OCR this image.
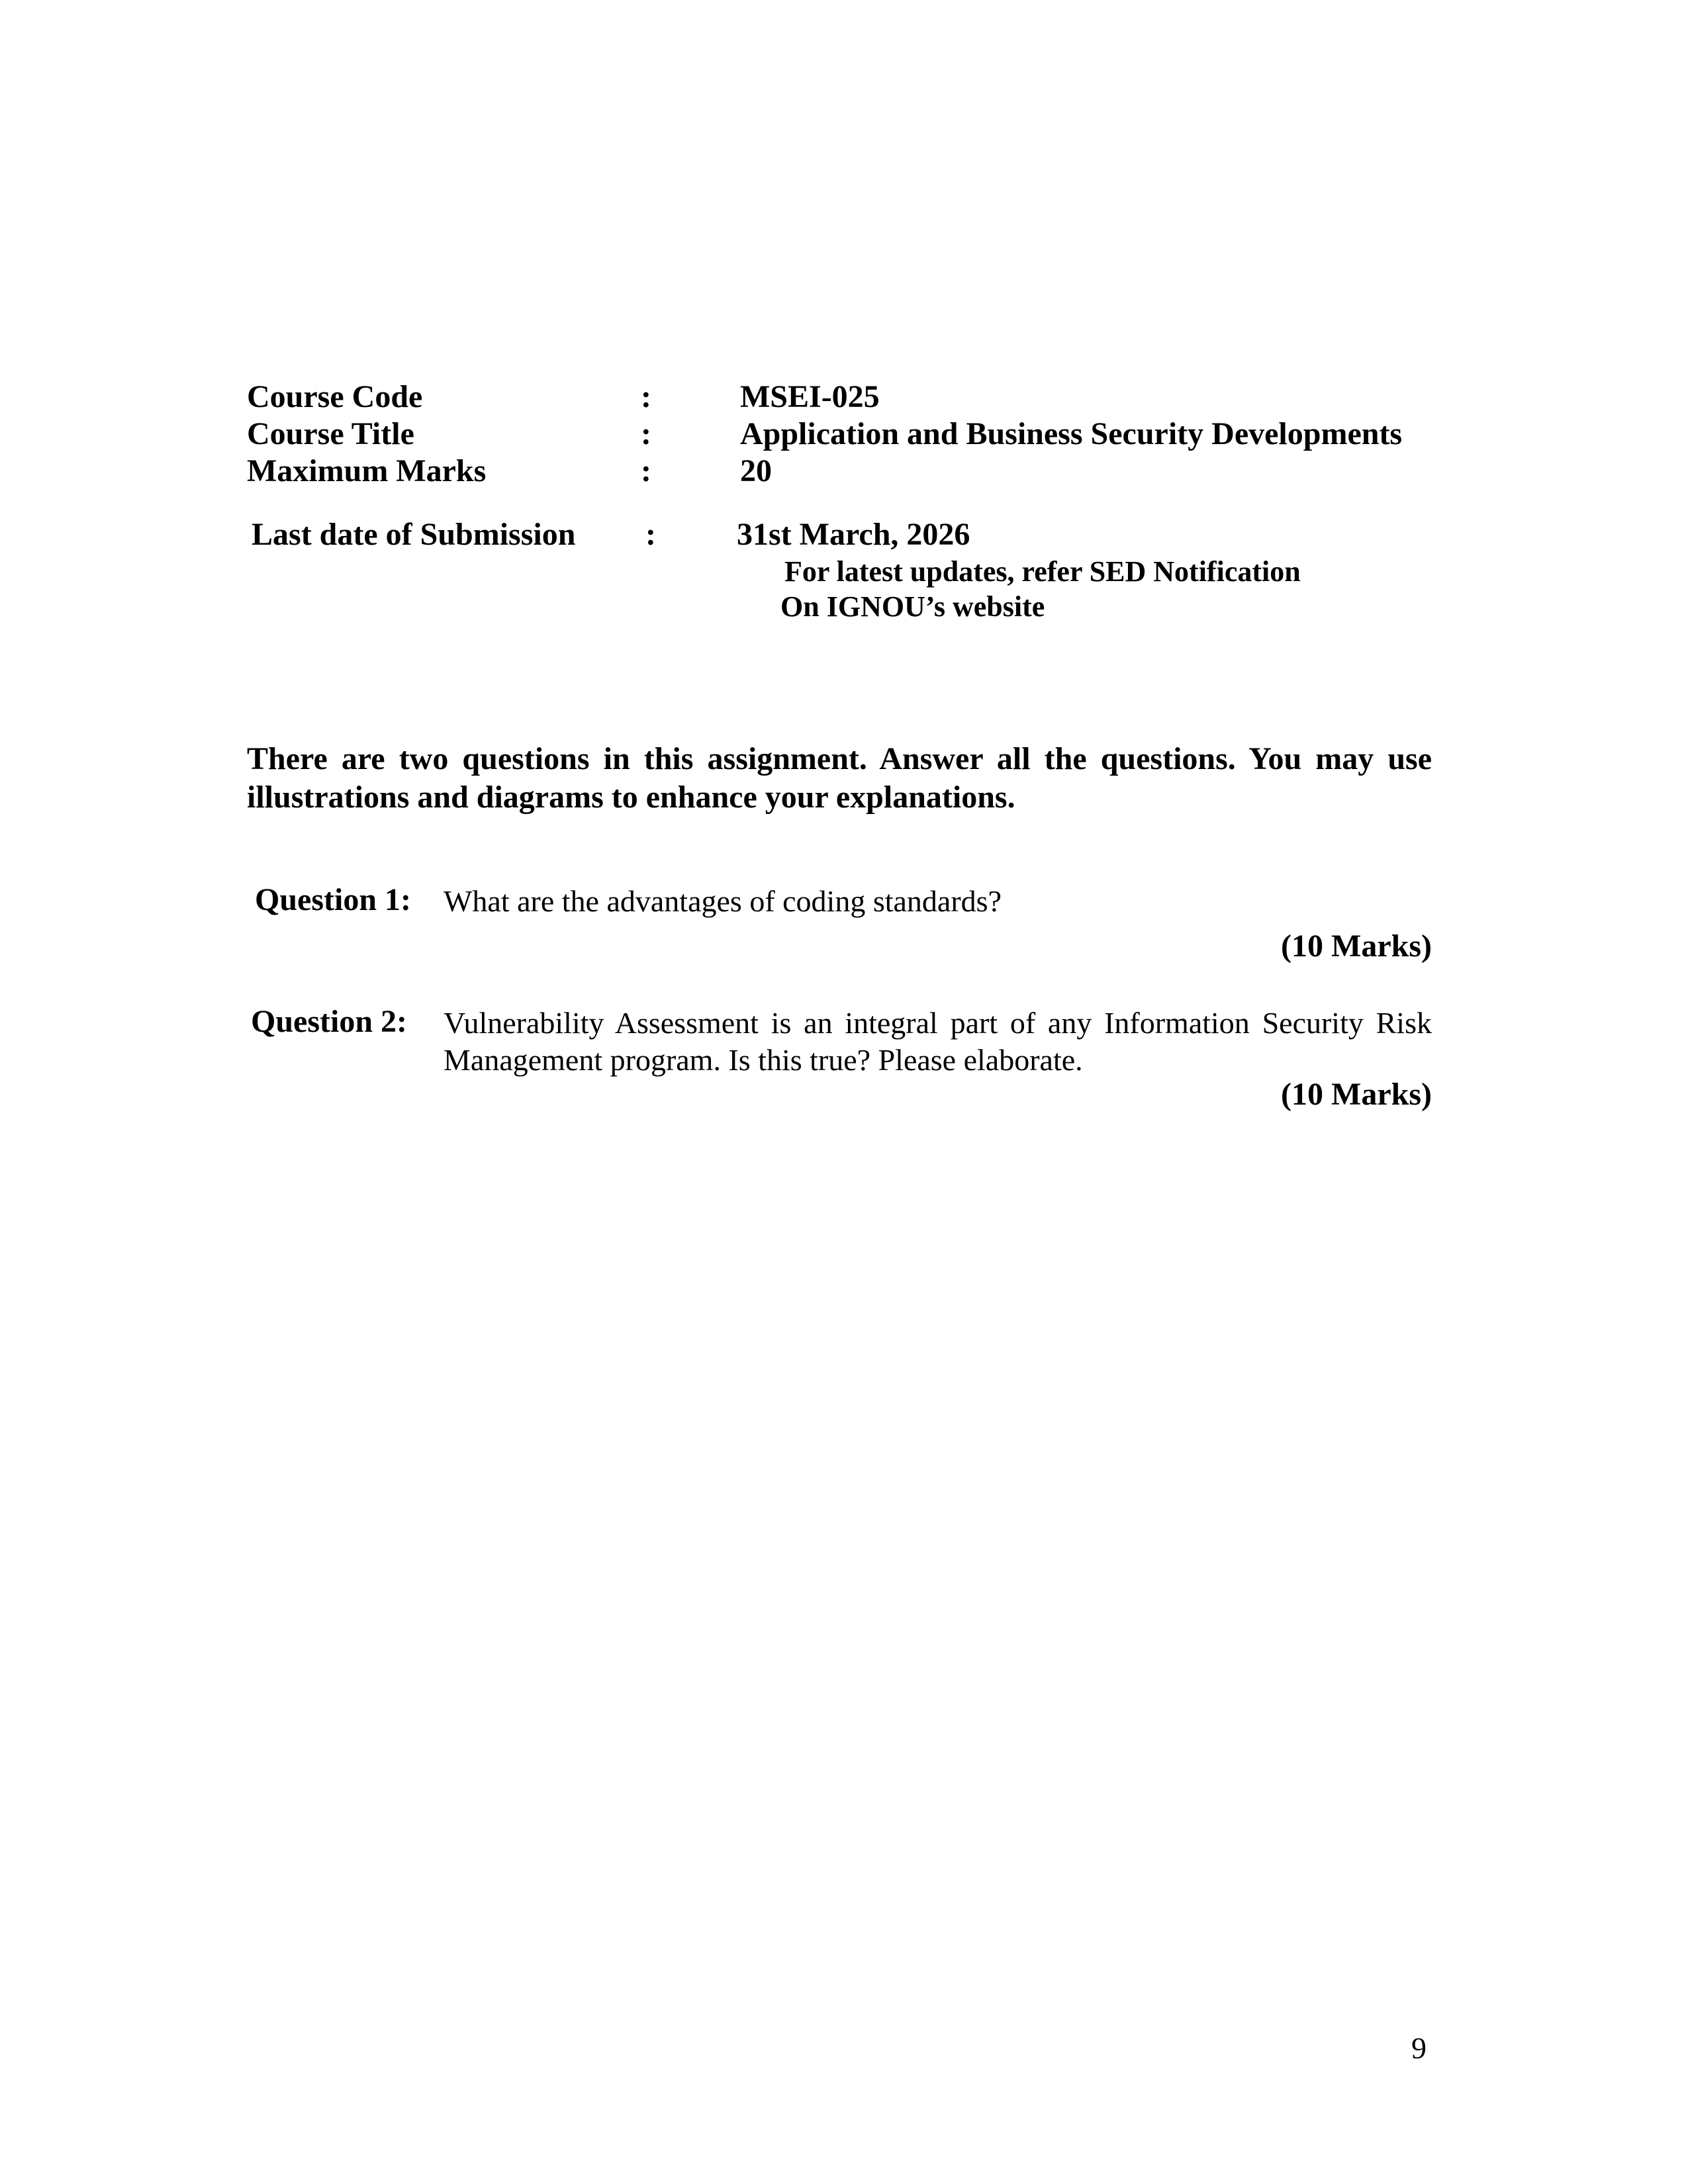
Course Code	:	MSEI-025
Course Title	:	Application and Business Security Developments
Maximum Marks	:	20
Last date of Submission :	31st March, 2026
For latest updates, refer SED Notification
On IGNOU’s website
There are two questions in this assignment. Answer all the questions. You may use illustrations and diagrams to enhance your explanations.
Question 1: What are the advantages of coding standards?
(10 Marks)
Question 2: Vulnerability Assessment is an integral part of any Information Security Risk Management program. Is this true? Please elaborate.
(10 Marks)
9
